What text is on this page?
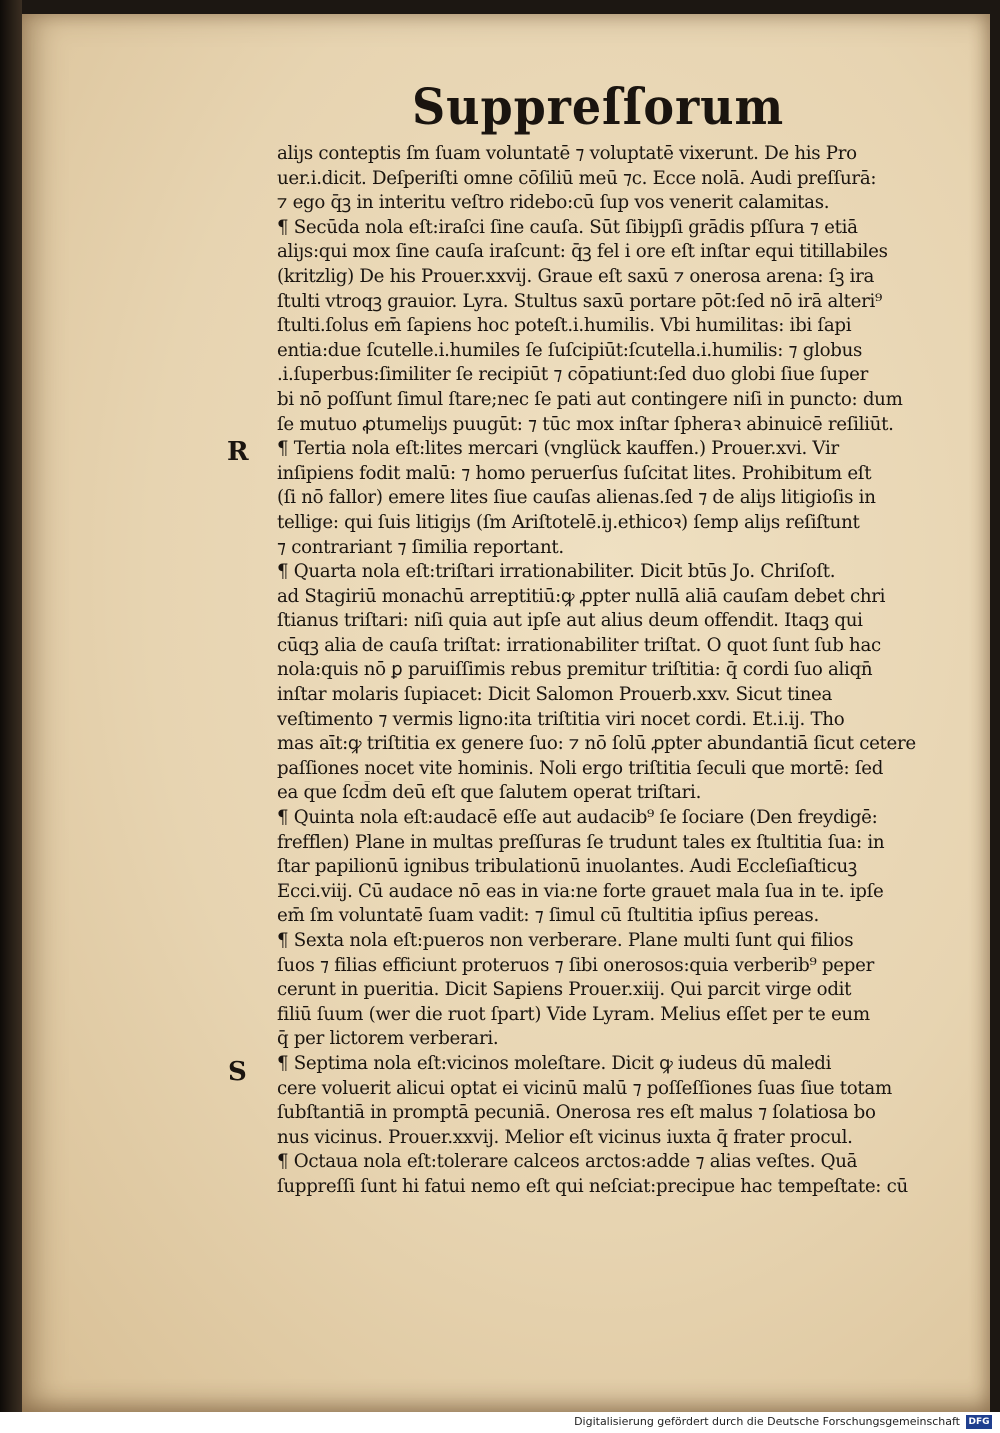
Suppreſſorum
R
S
aliȷs conteptis ſm ſuam voluntatē ⁊ voluptatē vixerunt. De his Pro
uer.i.dicit. Deſperiſti omne cōſiliū meū ⁊c. Ecce nolā. Audi preſſurā:
⁊ ego q̄ꝫ in interitu veſtro ridebo:cū ſup vos venerit calamitas.
¶ Secūda nola eſt:iraſci ſine cauſa. Sūt ſibiȷpſi grādis pſſura ⁊ etiā
aliȷs:qui mox ſine cauſa iraſcunt: q̄ꝫ fel i ore eſt inſtar equi titillabiles
(kritzlig) De his Prouer.xxvij. Graue eſt saxū ⁊ onerosa arena: ſꝫ ira
ſtulti vtroqꝫ grauior. Lyra. Stultus saxū portare pōt:ſed nō irā alteri⁹
ſtulti.ſolus em̄ ſapiens hoc poteſt.i.humilis. Vbi humilitas: ibi ſapi
entia:due ſcutelle.i.humiles ſe ſuſcipiūt:ſcutella.i.humilis: ⁊ globus
.i.ſuperbus:ſimiliter ſe recipiūt ⁊ cōpatiunt:ſed duo globi ſiue ſuper
bi nō poſſunt ſimul ſtare;nec ſe pati aut contingere niſi in puncto: dum
ſe mutuo ꝓtumeliȷs puugūt: ⁊ tūc mox inſtar ſpheraꝛ abinuicē reſiliūt.
¶ Tertia nola eſt:lites mercari (vnglück kauffen.) Prouer.xvi. Vir
inſipiens fodit malū: ⁊ homo peruerſus ſuſcitat lites. Prohibitum eſt
(ſi nō fallor) emere lites ſiue cauſas alienas.ſed ⁊ de aliȷs litigioſis in
tellige: qui ſuis litigiȷs (ſm Ariſtotelē.iȷ.ethicoꝛ) ſemp aliȷs reſiſtunt
⁊ contrariant ⁊ ſimilia reportant.
¶ Quarta nola eſt:triſtari irrationabiliter. Dicit btūs Jo. Chriſoſt.
ad Stagiriū monachū arreptitiū:ꝙ ꝓpter nullā aliā cauſam debet chri
ſtianus triſtari: niſi quia aut ipſe aut alius deum offendit. Itaqꝫ qui
cūqꝫ alia de cauſa triſtat: irrationabiliter triſtat. O quot ſunt ſub hac
nola:quis nō ꝑ paruiſſimis rebus premitur triſtitia: q̄ cordi ſuo aliqn̄
inſtar molaris ſupiacet: Dicit Salomon Prouerb.xxv. Sicut tinea
veſtimento ⁊ vermis ligno:ita triſtitia viri nocet cordi. Et.i.ij. Tho
mas aīt:ꝙ triſtitia ex genere ſuo: ⁊ nō ſolū ꝓpter abundantiā ſicut cetere
paſſiones nocet vite hominis. Noli ergo triſtitia ſeculi que mortē: ſed
ea que ſcd̄m deū eſt que ſalutem operat triſtari.
¶ Quinta nola eſt:audacē eſſe aut audacib⁹ ſe ſociare (Den freydigē:
frefflen) Plane in multas preſſuras ſe trudunt tales ex ſtultitia ſua: in
ſtar papilionū ignibus tribulationū inuolantes. Audi Eccleſiaſticuꝫ
Ecci.viij. Cū audace nō eas in via:ne forte grauet mala ſua in te. ipſe
em̄ ſm voluntatē ſuam vadit: ⁊ ſimul cū ſtultitia ipſius pereas.
¶ Sexta nola eſt:pueros non verberare. Plane multi ſunt qui filios
ſuos ⁊ filias efficiunt proteruos ⁊ ſibi onerosos:quia verberib⁹ peper
cerunt in pueritia. Dicit Sapiens Prouer.xiij. Qui parcit virge odit
filiū ſuum (wer die ruot ſpart) Vide Lyram. Melius eſſet per te eum
q̄ per lictorem verberari.
¶ Septima nola eſt:vicinos moleſtare. Dicit ꝙ iudeus dū maledi
cere voluerit alicui optat ei vicinū malū ⁊ poſſeſſiones ſuas ſiue totam
ſubſtantiā in promptā pecuniā. Onerosa res eſt malus ⁊ ſolatiosa bo
nus vicinus. Prouer.xxvij. Melior eſt vicinus iuxta q̄ frater procul.
¶ Octaua nola eſt:tolerare calceos arctos:adde ⁊ alias veſtes. Quā
ſuppreſſi ſunt hi fatui nemo eſt qui neſciat:precipue hac tempeſtate: cū
Digitalisierung gefördert durch die Deutsche Forschungsgemeinschaft DFG
